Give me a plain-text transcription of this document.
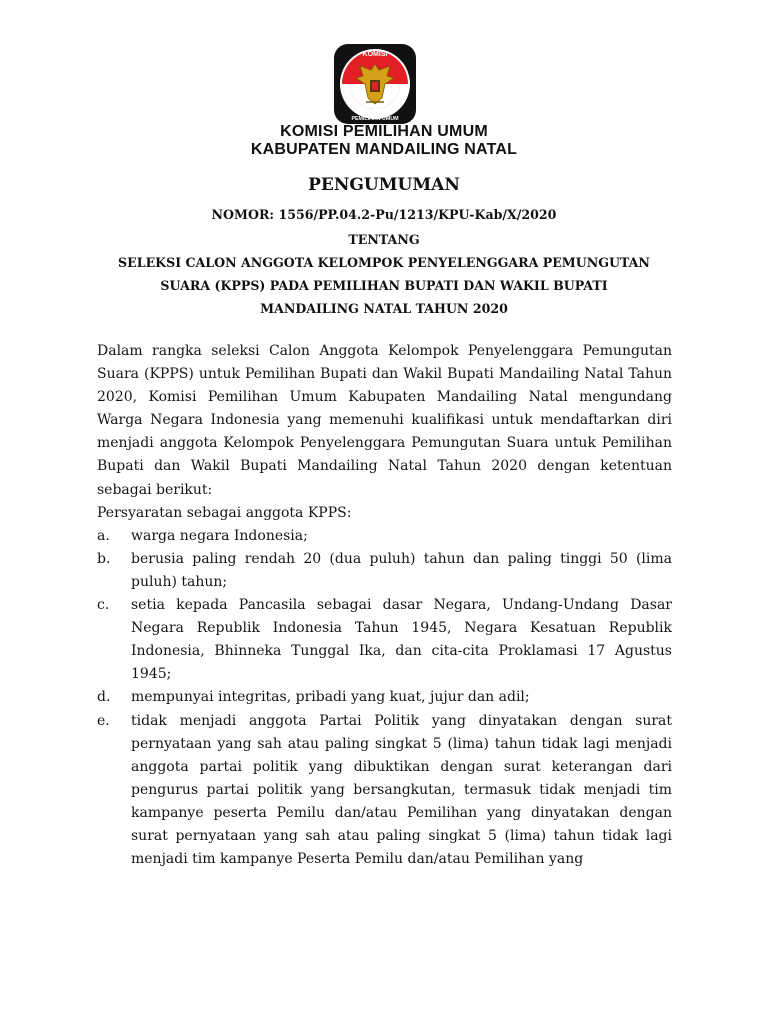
KOMISI
PEMILIHAN UMUM
KOMISI PEMILIHAN UMUM
KABUPATEN MANDAILING NATAL
PENGUMUMAN
NOMOR: 1556/PP.04.2-Pu/1213/KPU-Kab/X/2020
TENTANG
SELEKSI CALON ANGGOTA KELOMPOK PENYELENGGARA PEMUNGUTAN
SUARA (KPPS) PADA PEMILIHAN BUPATI DAN WAKIL BUPATI
MANDAILING NATAL TAHUN 2020

Dalam rangka seleksi Calon Anggota Kelompok Penyelenggara Pemungutan Suara (KPPS) untuk Pemilihan Bupati dan Wakil Bupati Mandailing Natal Tahun 2020, Komisi Pemilihan Umum Kabupaten Mandailing Natal mengundang Warga Negara Indonesia yang memenuhi kualifikasi untuk mendaftarkan diri menjadi anggota Kelompok Penyelenggara Pemungutan Suara untuk Pemilihan Bupati dan Wakil Bupati Mandailing Natal Tahun 2020 dengan ketentuan sebagai berikut:

Persyaratan sebagai anggota KPPS:

a.	warga negara Indonesia;
b.	berusia paling rendah 20 (dua puluh) tahun dan paling tinggi 50 (lima puluh) tahun;
c.	setia kepada Pancasila sebagai dasar Negara, Undang-Undang Dasar Negara Republik Indonesia Tahun 1945, Negara Kesatuan Republik Indonesia, Bhinneka Tunggal Ika, dan cita-cita Proklamasi 17 Agustus 1945;
d.	mempunyai integritas, pribadi yang kuat, jujur dan adil;
e.	tidak menjadi anggota Partai Politik yang dinyatakan dengan surat pernyataan yang sah atau paling singkat 5 (lima) tahun tidak lagi menjadi anggota partai politik yang dibuktikan dengan surat keterangan dari pengurus partai politik yang bersangkutan, termasuk tidak menjadi tim kampanye peserta Pemilu dan/atau Pemilihan yang dinyatakan dengan surat pernyataan yang sah atau paling singkat 5 (lima) tahun tidak lagi menjadi tim kampanye Peserta Pemilu dan/atau Pemilihan yang
